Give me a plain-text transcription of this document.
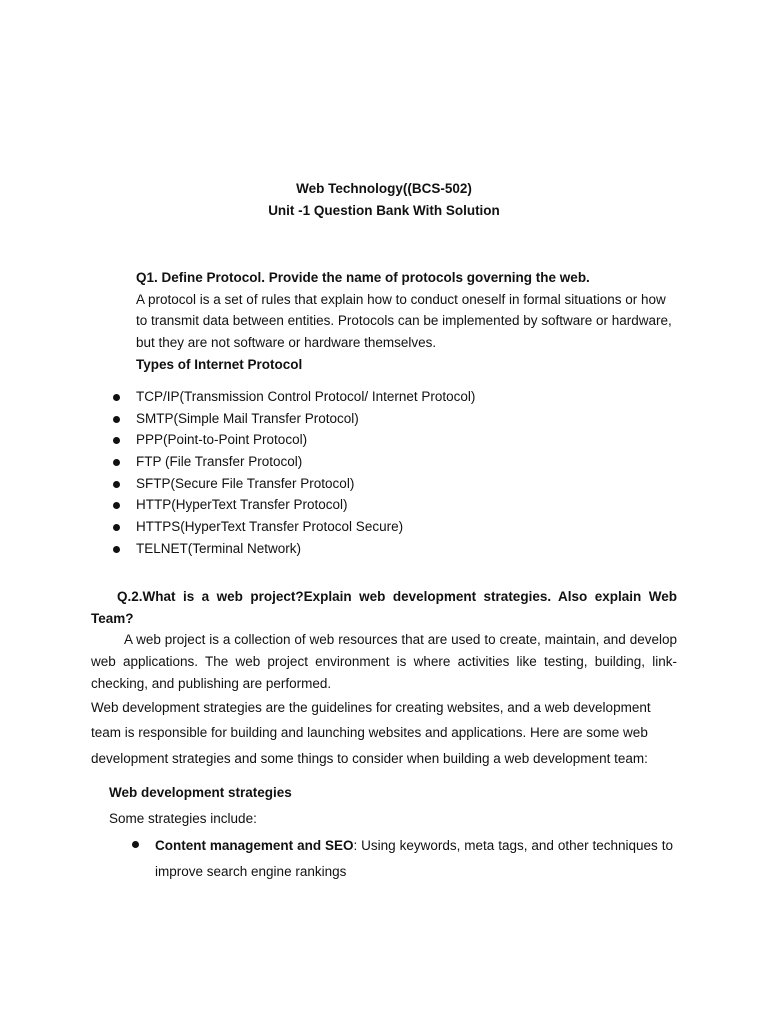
Web Technology((BCS-502)
Unit -1 Question Bank With Solution
Q1. Define Protocol. Provide the name of protocols governing the web.
A protocol is a set of rules that explain how to conduct oneself in formal situations or how to transmit data between entities. Protocols can be implemented by software or hardware, but they are not software or hardware themselves.
Types of Internet Protocol
TCP/IP(Transmission Control Protocol/ Internet Protocol)
SMTP(Simple Mail Transfer Protocol)
PPP(Point-to-Point Protocol)
FTP (File Transfer Protocol)
SFTP(Secure File Transfer Protocol)
HTTP(HyperText Transfer Protocol)
HTTPS(HyperText Transfer Protocol Secure)
TELNET(Terminal Network)
Q.2.What is a web project?Explain web development strategies. Also explain Web Team?
A web project is a collection of web resources that are used to create, maintain, and develop web applications. The web project environment is where activities like testing, building, link-checking, and publishing are performed.
Web development strategies are the guidelines for creating websites, and a web development team is responsible for building and launching websites and applications. Here are some web development strategies and some things to consider when building a web development team:
Web development strategies
Some strategies include:
Content management and SEO: Using keywords, meta tags, and other techniques to improve search engine rankings
